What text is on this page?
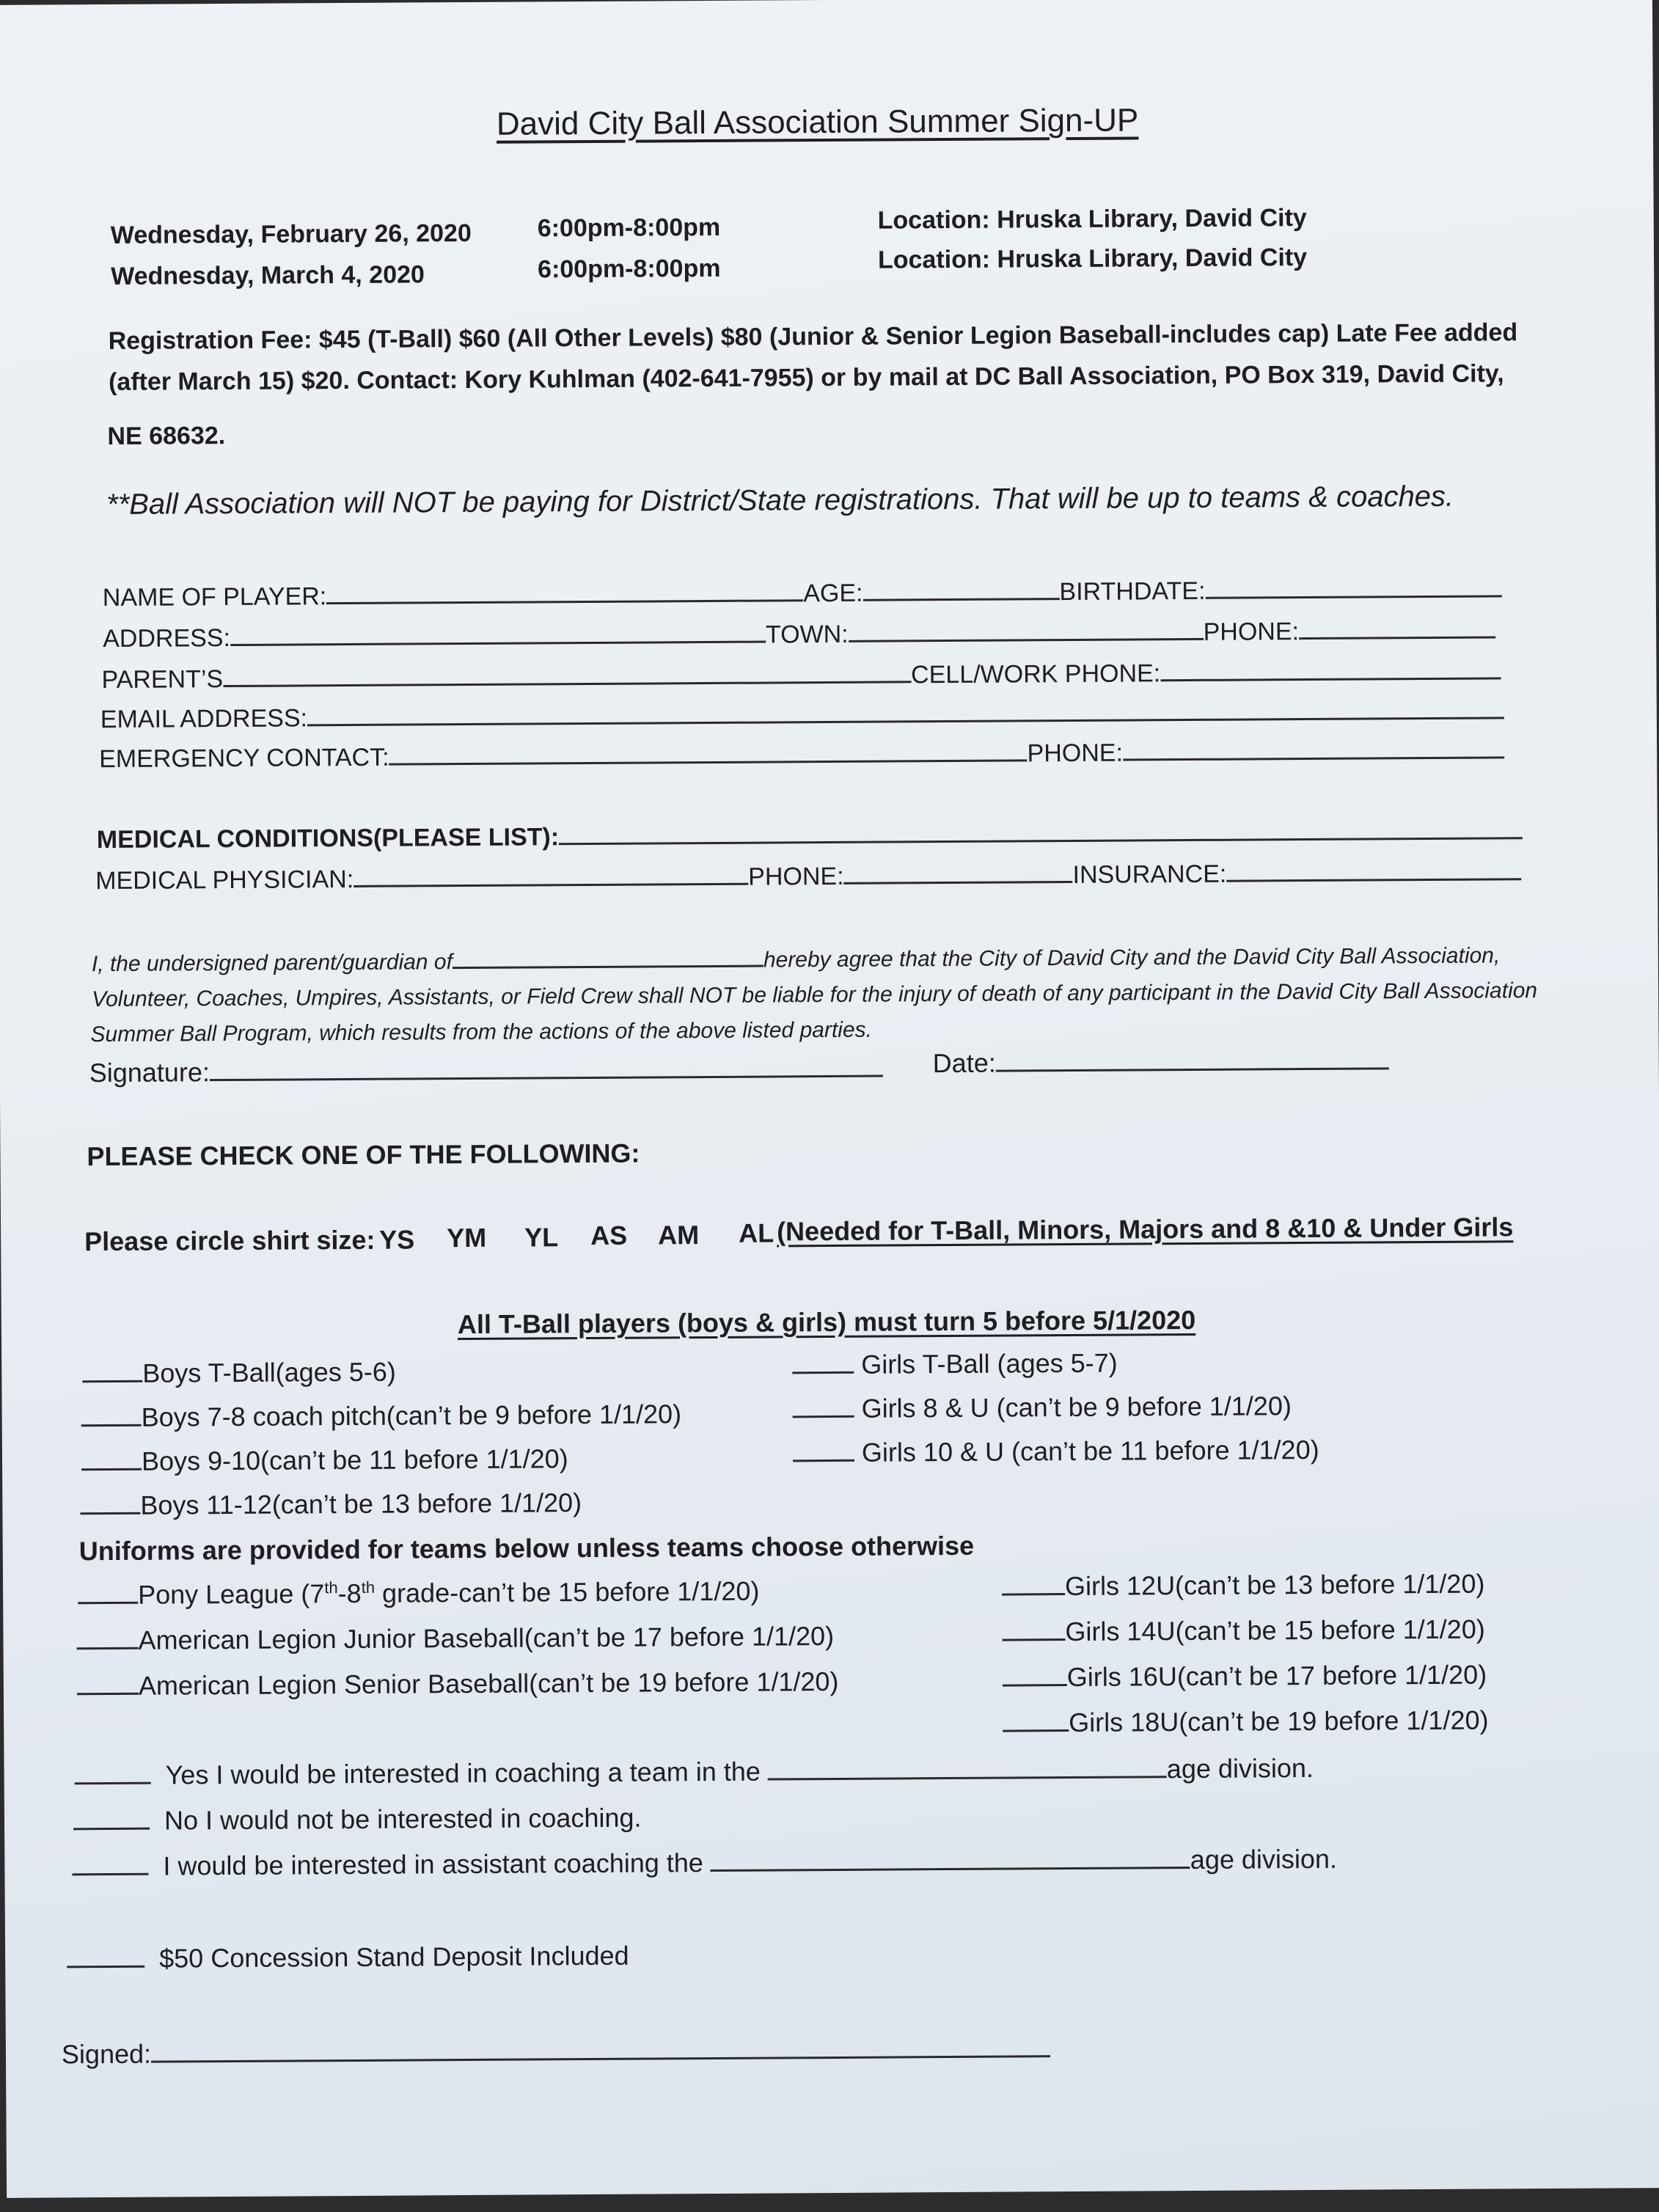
David City Ball Association Summer Sign-UP
Wednesday, February 26, 2020	6:00pm-8:00pm	Location: Hruska Library, David City
Wednesday, March 4, 2020	6:00pm-8:00pm	Location: Hruska Library, David City
Registration Fee: $45 (T-Ball) $60 (All Other Levels) $80 (Junior & Senior Legion Baseball-includes cap) Late Fee added
(after March 15) $20. Contact: Kory Kuhlman (402-641-7955) or by mail at DC Ball Association, PO Box 319, David City,
NE 68632.
**Ball Association will NOT be paying for District/State registrations. That will be up to teams & coaches.
NAME OF PLAYER:	AGE:	BIRTHDATE:
ADDRESS:	TOWN:	PHONE:
PARENT’S	CELL/WORK PHONE:
EMAIL ADDRESS:
EMERGENCY CONTACT:	PHONE:
MEDICAL CONDITIONS(PLEASE LIST):
MEDICAL PHYSICIAN:	PHONE:	INSURANCE:
I, the undersigned parent/guardian of	hereby agree that the City of David City and the David City Ball Association,
Volunteer, Coaches, Umpires, Assistants, or Field Crew shall NOT be liable for the injury of death of any participant in the David City Ball Association
Summer Ball Program, which results from the actions of the above listed parties.
Signature:	Date:
PLEASE CHECK ONE OF THE FOLLOWING:
Please circle shirt size: YS YM YL AS AM AL (Needed for T-Ball, Minors, Majors and 8 &10 & Under Girls
All T-Ball players (boys & girls) must turn 5 before 5/1/2020
Boys T-Ball(ages 5-6)
Boys 7-8 coach pitch(can’t be 9 before 1/1/20)
Boys 9-10(can’t be 11 before 1/1/20)
Boys 11-12(can’t be 13 before 1/1/20)
Girls T-Ball (ages 5-7)
Girls 8 & U (can’t be 9 before 1/1/20)
Girls 10 & U (can’t be 11 before 1/1/20)
Uniforms are provided for teams below unless teams choose otherwise
Pony League (7th-8th grade-can’t be 15 before 1/1/20)
American Legion Junior Baseball(can’t be 17 before 1/1/20)
American Legion Senior Baseball(can’t be 19 before 1/1/20)
Girls 12U(can’t be 13 before 1/1/20)
Girls 14U(can’t be 15 before 1/1/20)
Girls 16U(can’t be 17 before 1/1/20)
Girls 18U(can’t be 19 before 1/1/20)
Yes I would be interested in coaching a team in the	age division.
No I would not be interested in coaching.
I would be interested in assistant coaching the	age division.
$50 Concession Stand Deposit Included
Signed:
